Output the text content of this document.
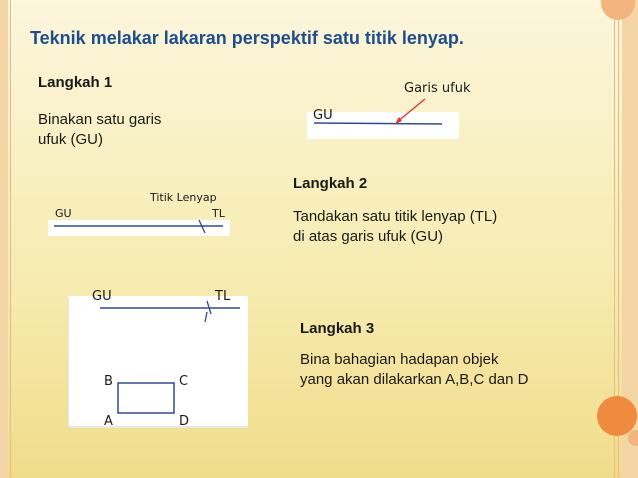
Teknik melakar lakaran perspektif satu titik lenyap.
Langkah 1
Binakan satu garis
ufuk (GU)
GU
Garis ufuk
Langkah 2
Tandakan satu titik lenyap (TL)
di atas garis ufuk (GU)
Titik Lenyap
GU	TL
Langkah 3
Bina bahagian hadapan objek
yang akan dilakarkan A,B,C dan D
GU	TL
B	C
A	D
